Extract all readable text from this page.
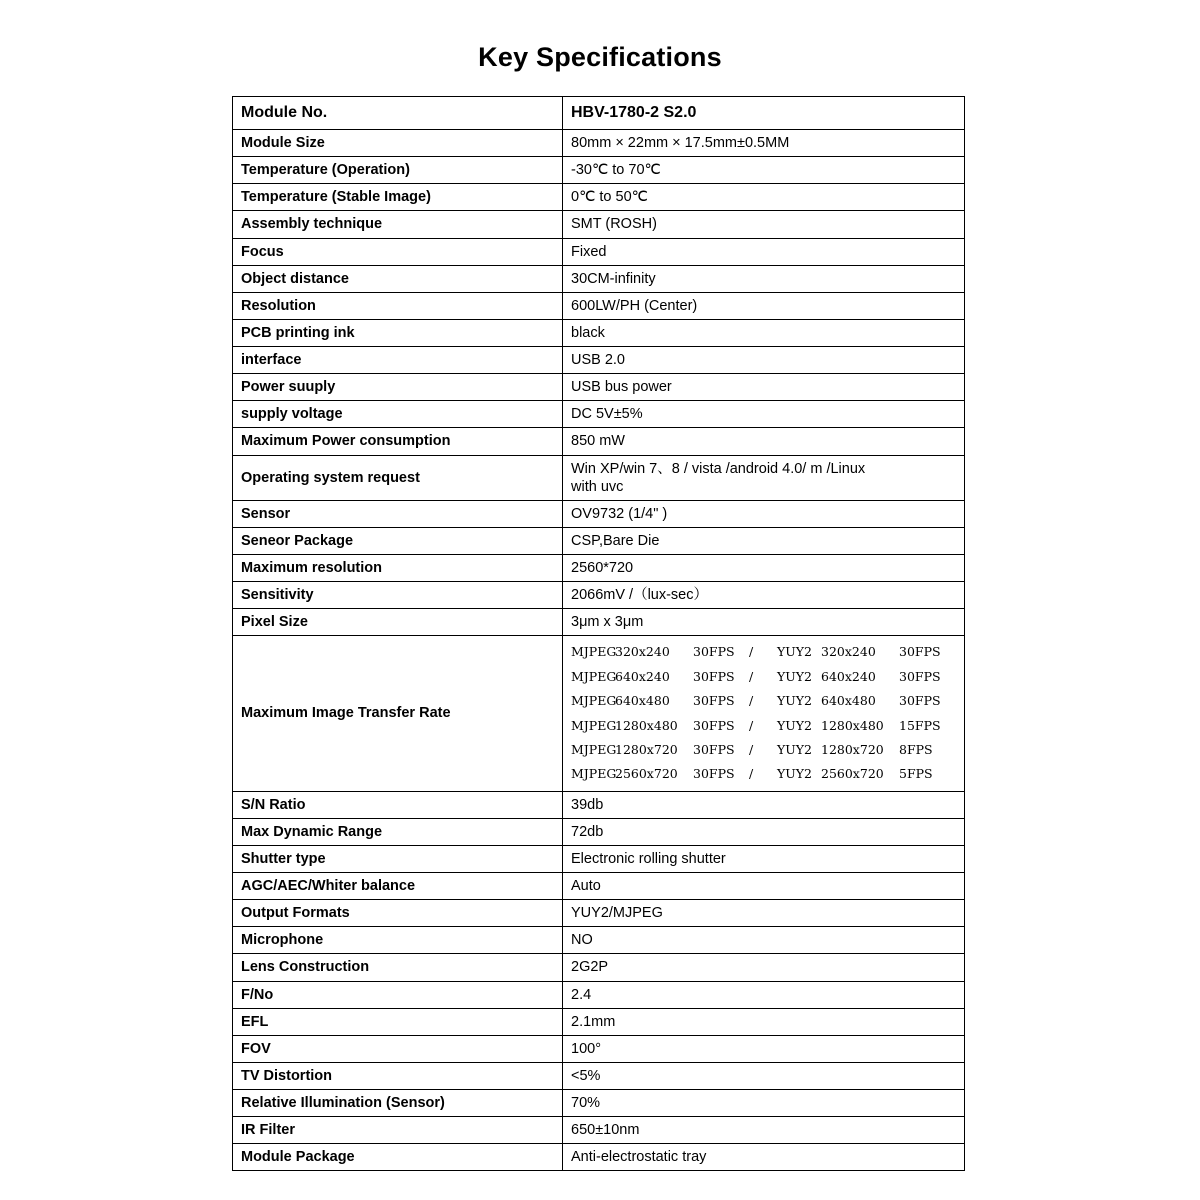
Key Specifications
Module No.	HBV-1780-2 S2.0
Module Size	80mm × 22mm × 17.5mm±0.5MM
Temperature (Operation)	-30℃ to 70℃
Temperature (Stable Image)	0℃ to 50℃
Assembly technique	SMT (ROSH)
Focus	Fixed
Object distance	30CM-infinity
Resolution	600LW/PH (Center)
PCB printing ink	black
interface	USB 2.0
Power suuply	USB bus power
supply voltage	DC 5V±5%
Maximum Power consumption	850 mW
Operating system request	Win XP/win 7、8 / vista /android 4.0/ m /Linux
with uvc

Sensor	OV9732 (1/4" )
Seneor Package	CSP,Bare Die
Maximum resolution	2560*720
Sensitivity	2066mV /（lux-sec）
Pixel Size	3μm x 3μm
Maximum Image Transfer Rate	
MJPEG320x240 30FPS	/	YUY2 320x240 30FPS
MJPEG640x240 30FPS	/	YUY2 640x240 30FPS
MJPEG640x480 30FPS	/	YUY2 640x480 30FPS
MJPEG1280x480 30FPS	/	YUY2 1280x480 15FPS
MJPEG1280x720 30FPS	/	YUY2 1280x720 8FPS
MJPEG2560x720 30FPS	/	YUY2 2560x720 5FPS

S/N Ratio	39db
Max Dynamic Range	72db
Shutter type	Electronic rolling shutter
AGC/AEC/Whiter balance	Auto
Output Formats	YUY2/MJPEG
Microphone	NO
Lens Construction	2G2P
F/No	2.4
EFL	2.1mm
FOV	100°
TV Distortion	<5%
Relative Illumination (Sensor)	70%
IR Filter	650±10nm
Module Package	Anti-electrostatic tray
